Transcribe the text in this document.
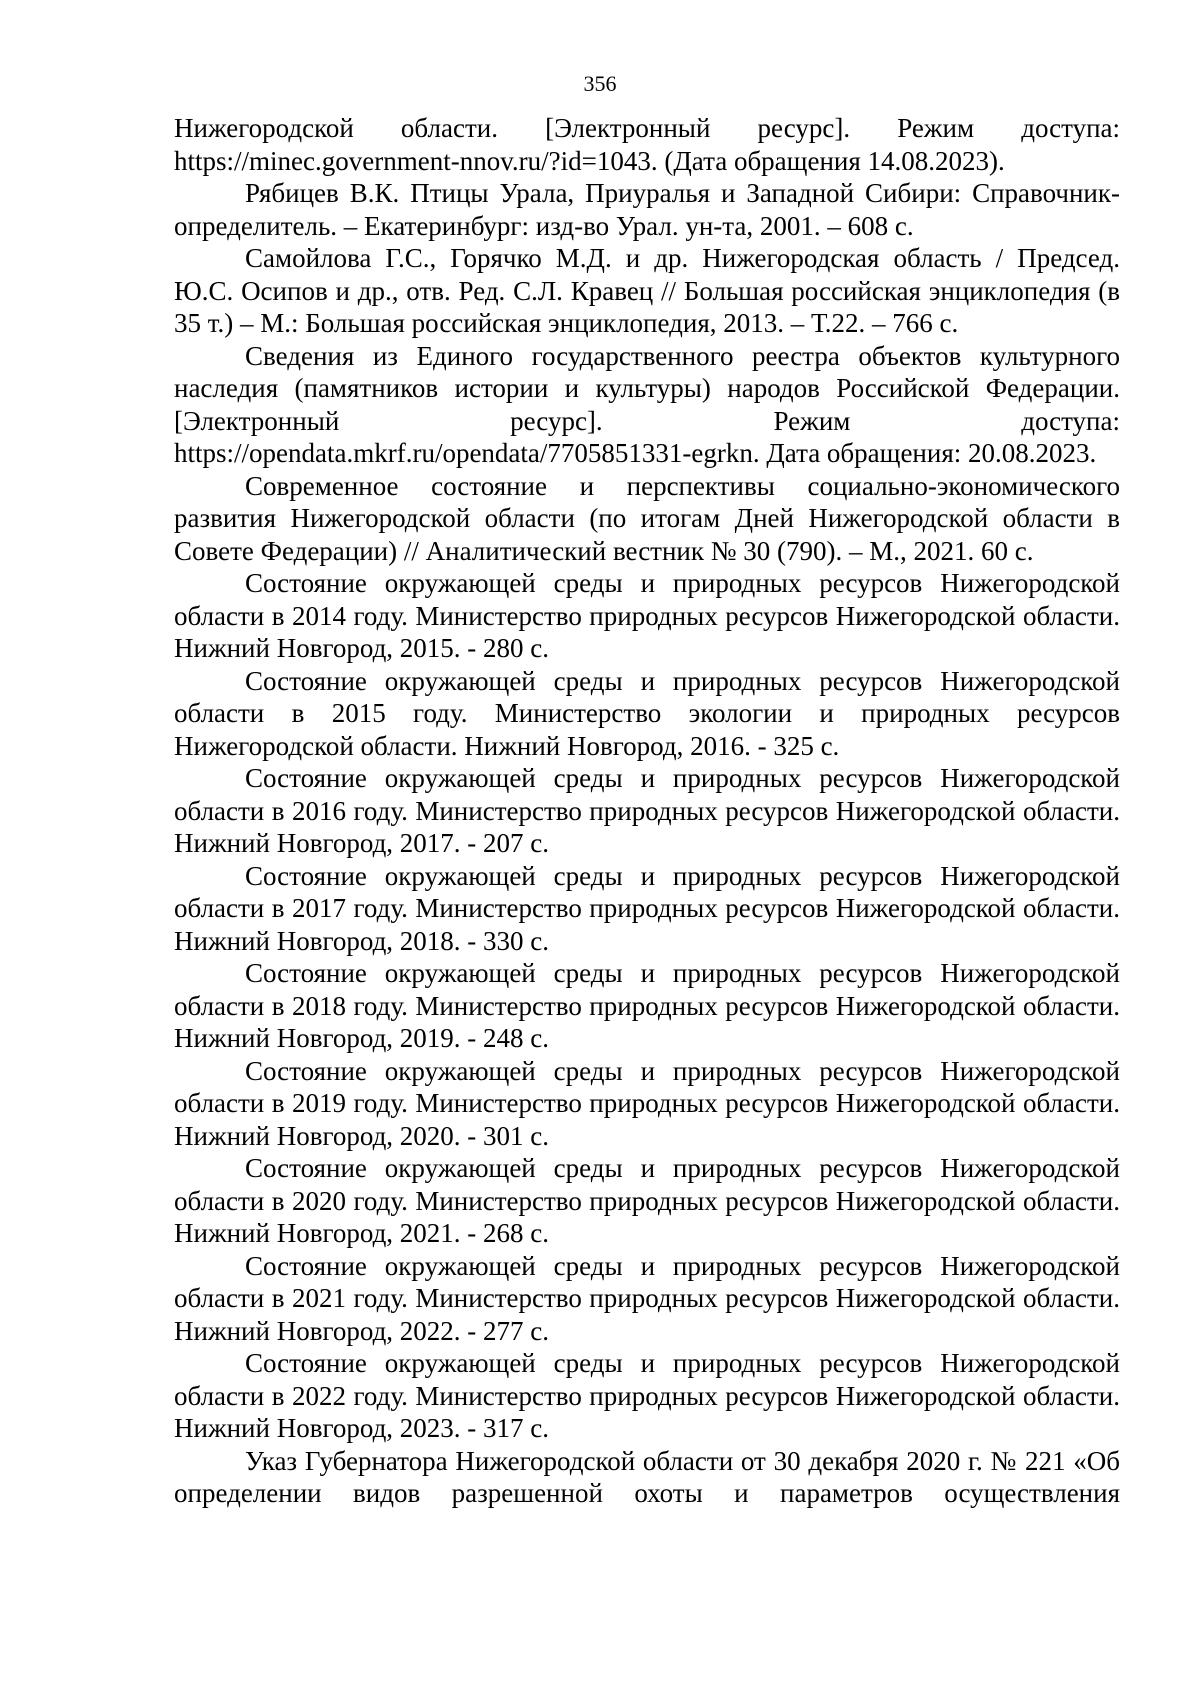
356

Нижегородской области. [Электронный ресурс]. Режим доступа: https://minec.government-nnov.ru/?id=1043. (Дата обращения 14.08.2023).

Рябицев В.К. Птицы Урала, Приуралья и Западной Сибири: Справочник-определитель. – Екатеринбург: изд-во Урал. ун-та, 2001. – 608 с.

Самойлова Г.С., Горячко М.Д. и др. Нижегородская область / Председ. Ю.С. Осипов и др., отв. Ред. С.Л. Кравец // Большая российская энциклопедия (в 35 т.) – М.: Большая российская энциклопедия, 2013. – Т.22. – 766 с.

Сведения из Единого государственного реестра объектов культурного наследия (памятников истории и культуры) народов Российской Федерации. [Электронный ресурс]. Режим доступа: https://opendata.mkrf.ru/opendata/7705851331-egrkn. Дата обращения: 20.08.2023.

Современное состояние и перспективы социально-экономического развития Нижегородской области (по итогам Дней Нижегородской области в Совете Федерации) // Аналитический вестник № 30 (790). – М., 2021. 60 с.

Состояние окружающей среды и природных ресурсов Нижегородской области в 2014 году. Министерство природных ресурсов Нижегородской области. Нижний Новгород, 2015. - 280 с.

Состояние окружающей среды и природных ресурсов Нижегородской области в 2015 году. Министерство экологии и природных ресурсов Нижегородской области. Нижний Новгород, 2016. - 325 с.

Состояние окружающей среды и природных ресурсов Нижегородской области в 2016 году. Министерство природных ресурсов Нижегородской области. Нижний Новгород, 2017. - 207 с.

Состояние окружающей среды и природных ресурсов Нижегородской области в 2017 году. Министерство природных ресурсов Нижегородской области. Нижний Новгород, 2018. - 330 с.

Состояние окружающей среды и природных ресурсов Нижегородской области в 2018 году. Министерство природных ресурсов Нижегородской области. Нижний Новгород, 2019. - 248 с.

Состояние окружающей среды и природных ресурсов Нижегородской области в 2019 году. Министерство природных ресурсов Нижегородской области. Нижний Новгород, 2020. - 301 с.

Состояние окружающей среды и природных ресурсов Нижегородской области в 2020 году. Министерство природных ресурсов Нижегородской области. Нижний Новгород, 2021. - 268 с.

Состояние окружающей среды и природных ресурсов Нижегородской области в 2021 году. Министерство природных ресурсов Нижегородской области. Нижний Новгород, 2022. - 277 с.

Состояние окружающей среды и природных ресурсов Нижегородской области в 2022 году. Министерство природных ресурсов Нижегородской области. Нижний Новгород, 2023. - 317 с.

Указ Губернатора Нижегородской области от 30 декабря 2020 г. № 221 «Об определении видов разрешенной охоты и параметров осуществления
